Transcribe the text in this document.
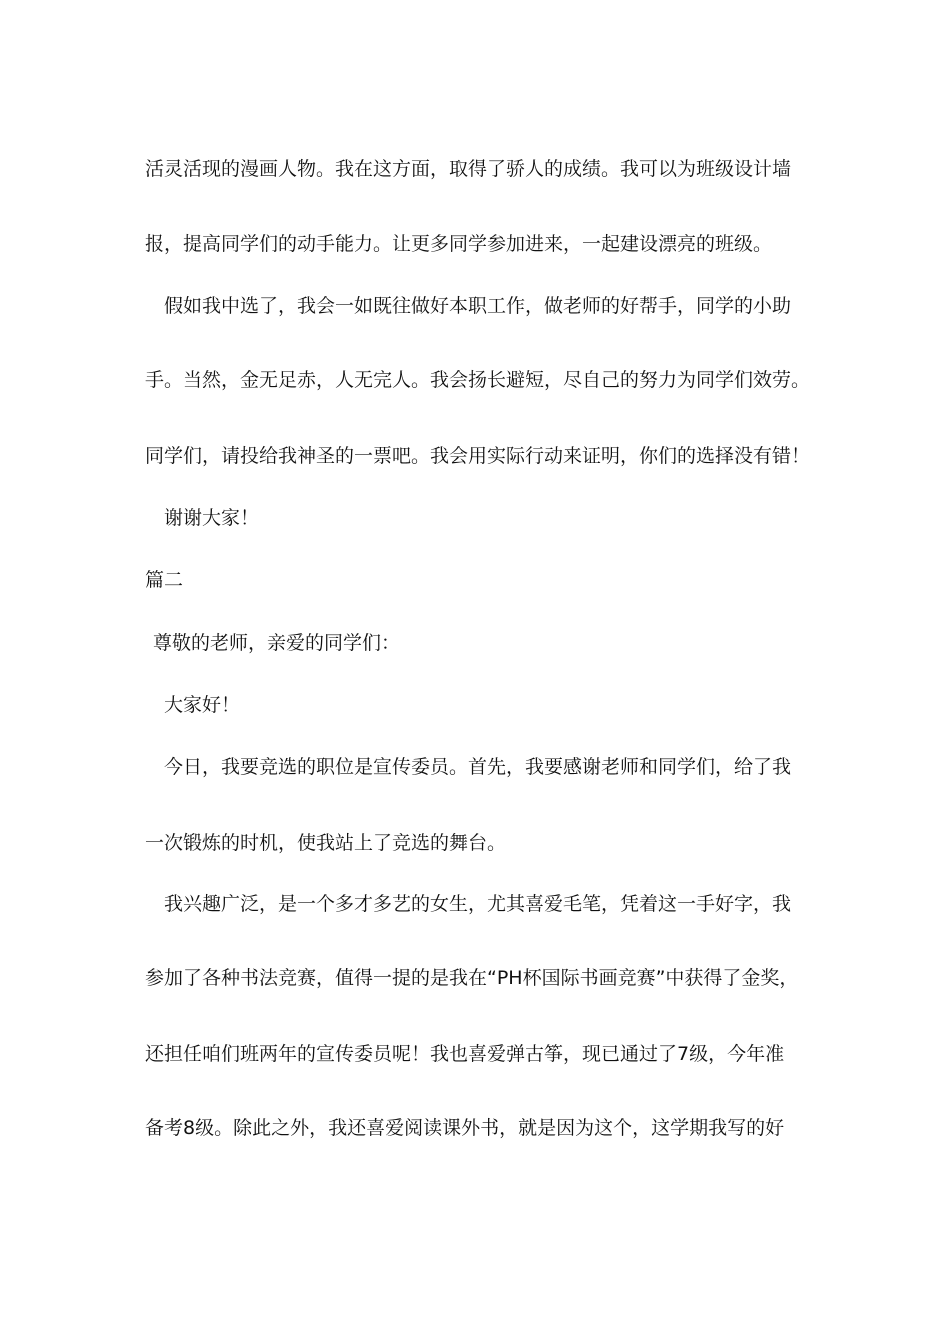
活灵活现的漫画人物。我在这方面，取得了骄人的成绩。我可以为班级设计墙

报，提高同学们的动手能力。让更多同学参加进来，一起建设漂亮的班级。

假如我中选了，我会一如既往做好本职工作，做老师的好帮手，同学的小助

手。当然，金无足赤，人无完人。我会扬长避短，尽自己的努力为同学们效劳。

同学们，请投给我神圣的一票吧。我会用实际行动来证明，你们的选择没有错！

谢谢大家！

篇二

尊敬的老师，亲爱的同学们：

大家好！

今日，我要竞选的职位是宣传委员。首先，我要感谢老师和同学们，给了我

一次锻炼的时机，使我站上了竞选的舞台。

我兴趣广泛，是一个多才多艺的女生，尤其喜爱毛笔，凭着这一手好字，我

参加了各种书法竞赛，值得一提的是我在“PH杯国际书画竞赛”中获得了金奖，

还担任咱们班两年的宣传委员呢！我也喜爱弹古筝，现已通过了7级，今年准

备考8级。除此之外，我还喜爱阅读课外书，就是因为这个，这学期我写的好
